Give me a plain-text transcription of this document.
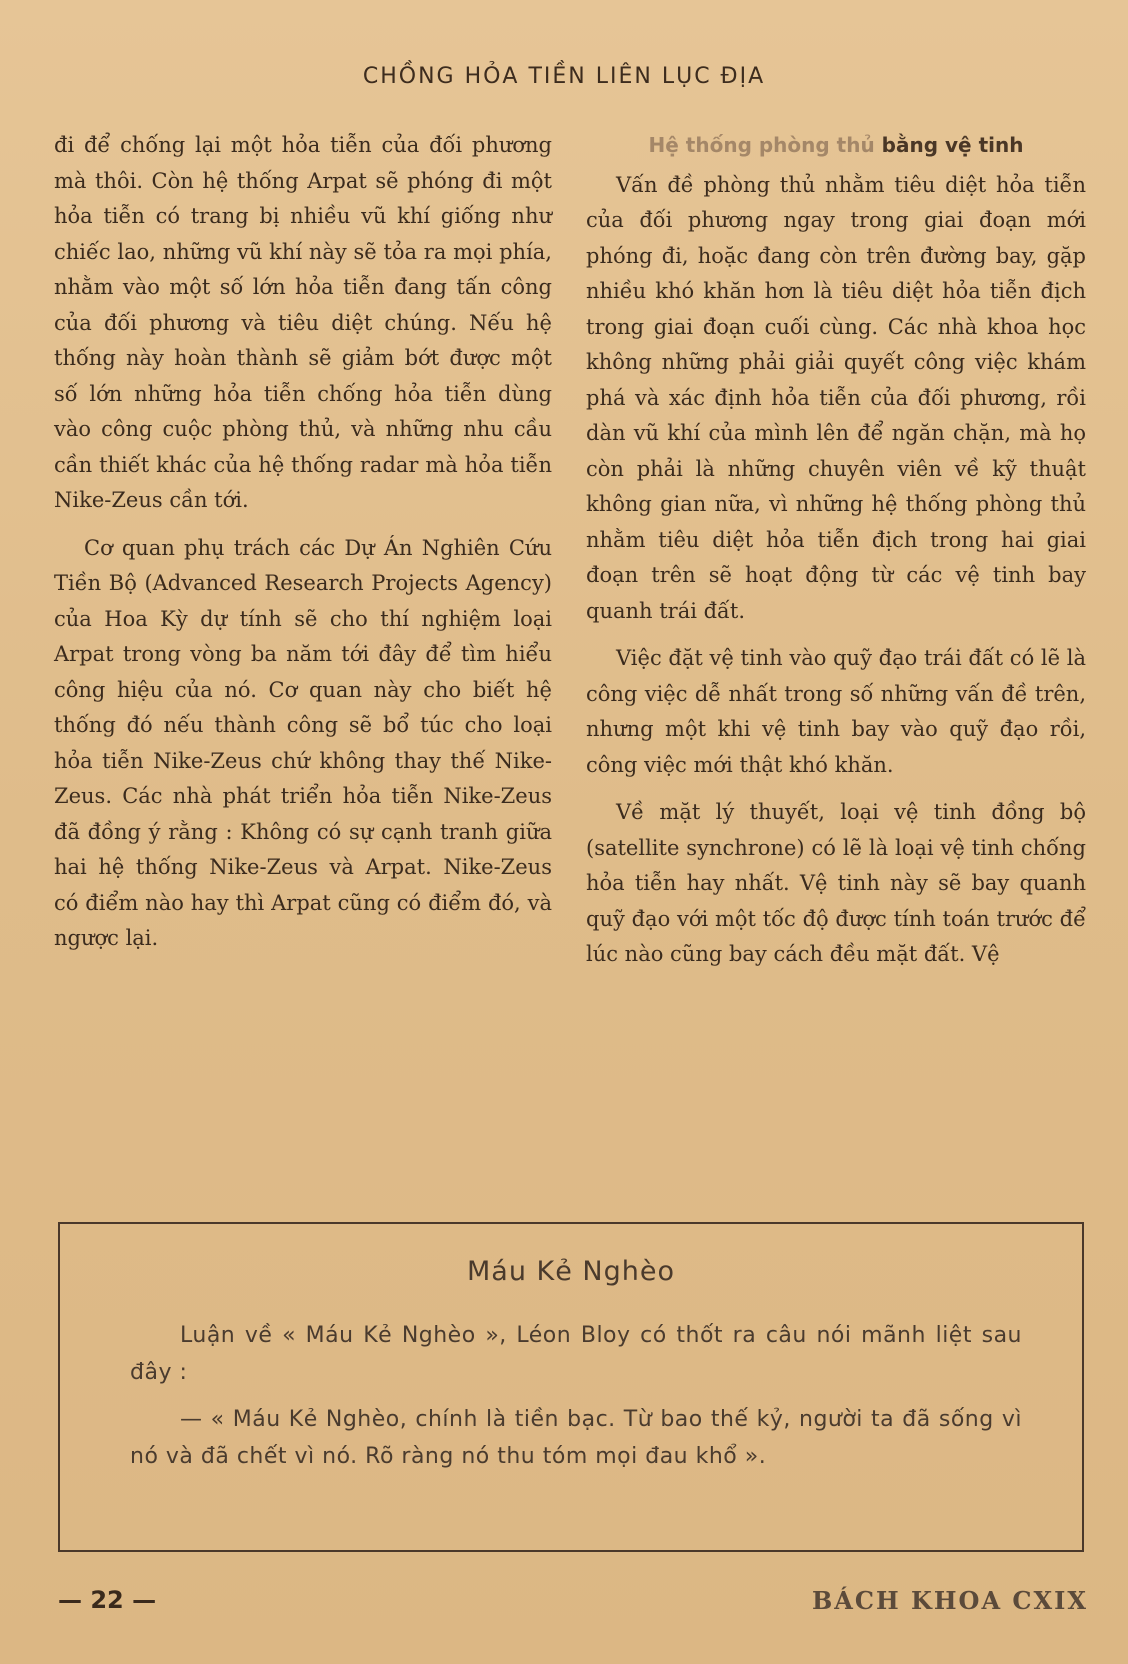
CHỒNG HỎA TIỀN LIÊN LỤC ĐỊA

đi để chống lại một hỏa tiễn của đối phương mà thôi. Còn hệ thống Arpat sẽ phóng đi một hỏa tiễn có trang bị nhiều vũ khí giống như chiếc lao, những vũ khí này sẽ tỏa ra mọi phía, nhằm vào một số lớn hỏa tiễn đang tấn công của đối phương và tiêu diệt chúng. Nếu hệ thống này hoàn thành sẽ giảm bớt được một số lớn những hỏa tiễn chống hỏa tiễn dùng vào công cuộc phòng thủ, và những nhu cầu cần thiết khác của hệ thống radar mà hỏa tiễn Nike-Zeus cần tới.

Cơ quan phụ trách các Dự Án Nghiên Cứu Tiền Bộ (Advanced Research Projects Agency) của Hoa Kỳ dự tính sẽ cho thí nghiệm loại Arpat trong vòng ba năm tới đây để tìm hiểu công hiệu của nó. Cơ quan này cho biết hệ thống đó nếu thành công sẽ bổ túc cho loại hỏa tiễn Nike-Zeus chứ không thay thế Nike-Zeus. Các nhà phát triển hỏa tiễn Nike-Zeus đã đồng ý rằng : Không có sự cạnh tranh giữa hai hệ thống Nike-Zeus và Arpat. Nike-Zeus có điểm nào hay thì Arpat cũng có điểm đó, và ngược lại.

Hệ thống phòng thủ bằng vệ tinh

Vấn đề phòng thủ nhằm tiêu diệt hỏa tiễn của đối phương ngay trong giai đoạn mới phóng đi, hoặc đang còn trên đường bay, gặp nhiều khó khăn hơn là tiêu diệt hỏa tiễn địch trong giai đoạn cuối cùng. Các nhà khoa học không những phải giải quyết công việc khám phá và xác định hỏa tiễn của đối phương, rồi dàn vũ khí của mình lên để ngăn chặn, mà họ còn phải là những chuyên viên về kỹ thuật không gian nữa, vì những hệ thống phòng thủ nhằm tiêu diệt hỏa tiễn địch trong hai giai đoạn trên sẽ hoạt động từ các vệ tinh bay quanh trái đất.

Việc đặt vệ tinh vào quỹ đạo trái đất có lẽ là công việc dễ nhất trong số những vấn đề trên, nhưng một khi vệ tinh bay vào quỹ đạo rồi, công việc mới thật khó khăn.

Về mặt lý thuyết, loại vệ tinh đồng bộ (satellite synchrone) có lẽ là loại vệ tinh chống hỏa tiễn hay nhất. Vệ tinh này sẽ bay quanh quỹ đạo với một tốc độ được tính toán trước để lúc nào cũng bay cách đều mặt đất. Vệ

Máu Kẻ Nghèo

Luận về « Máu Kẻ Nghèo », Léon Bloy có thốt ra câu nói mãnh liệt sau đây :

— « Máu Kẻ Nghèo, chính là tiền bạc. Từ bao thế kỷ, người ta đã sống vì nó và đã chết vì nó. Rõ ràng nó thu tóm mọi đau khổ ».

— 22 —	BÁCH KHOA CXIX
